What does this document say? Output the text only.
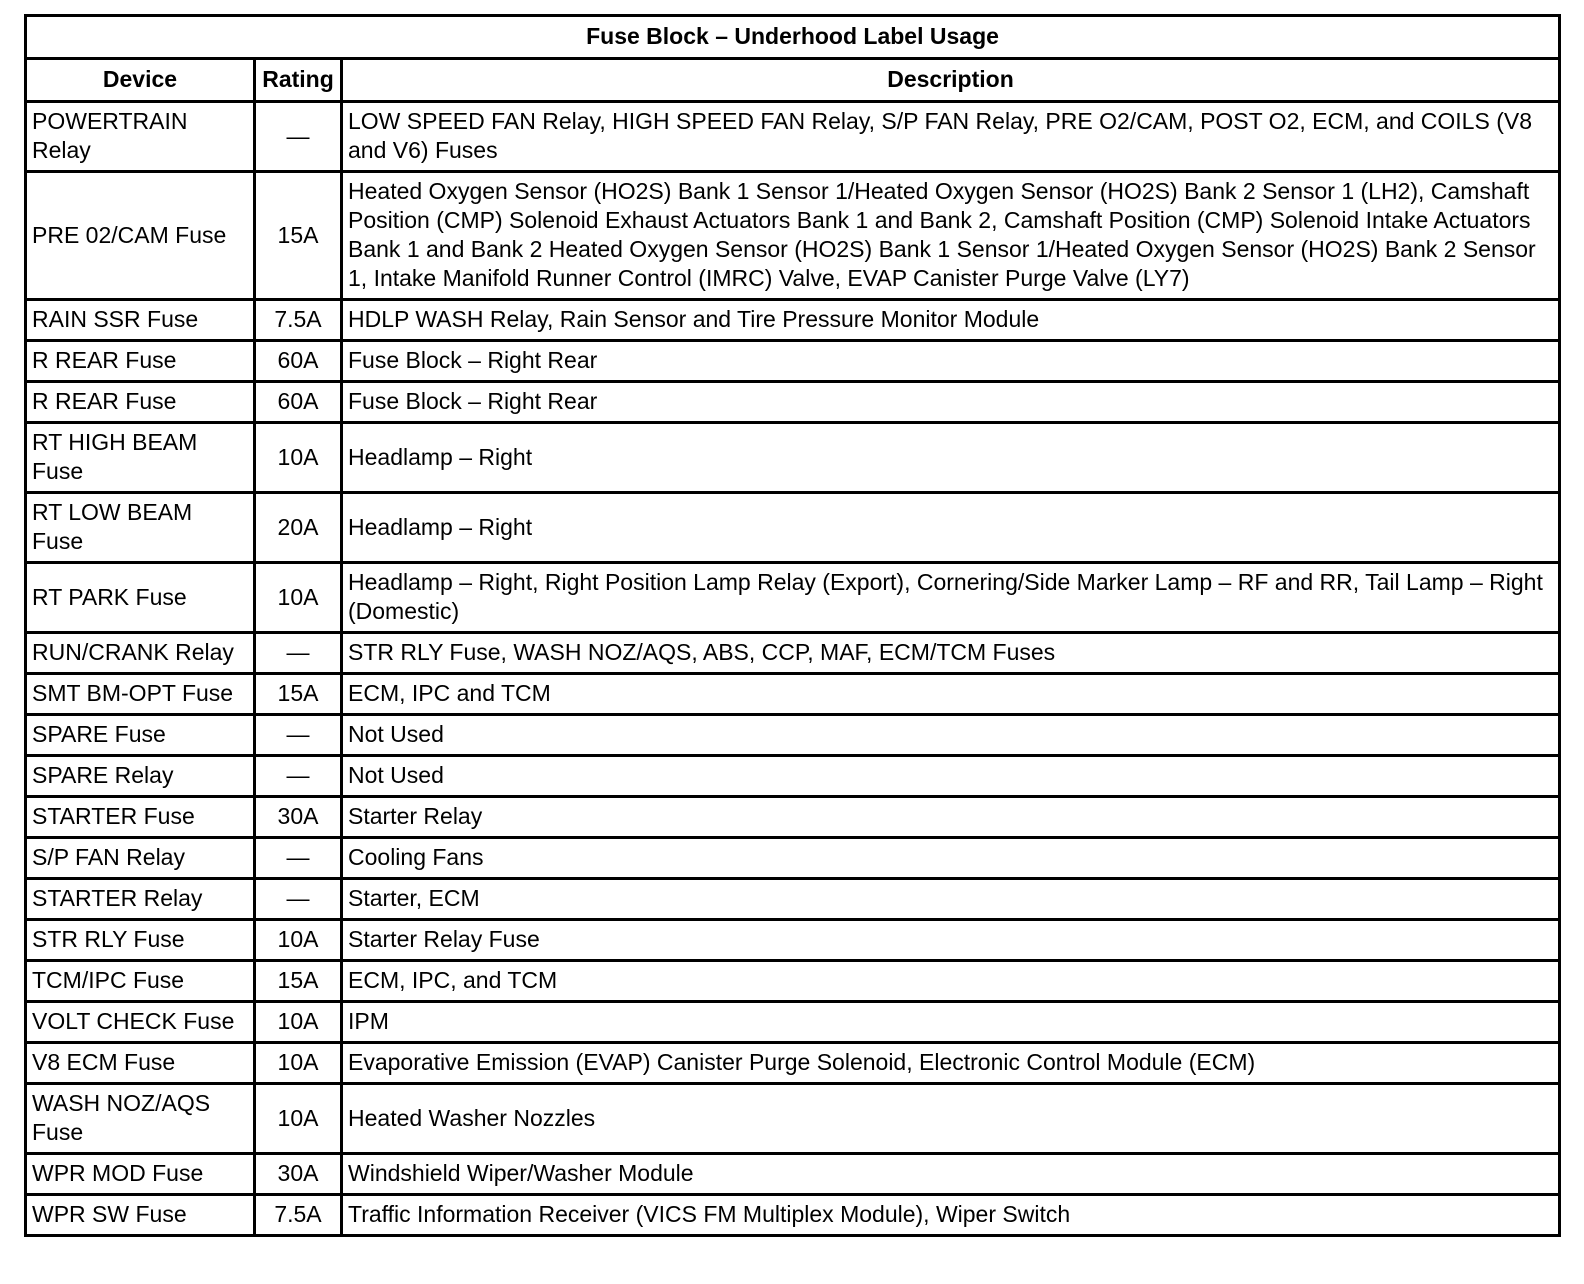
Fuse Block – Underhood Label Usage		
Device	Rating	Description
POWERTRAIN Relay	—	LOW SPEED FAN Relay, HIGH SPEED FAN Relay, S/P FAN Relay, PRE O2/CAM, POST O2, ECM, and COILS (V8 and V6) Fuses
PRE 02/CAM Fuse	15A	Heated Oxygen Sensor (HO2S) Bank 1 Sensor 1/Heated Oxygen Sensor (HO2S) Bank 2 Sensor 1 (LH2), Camshaft Position (CMP) Solenoid Exhaust Actuators Bank 1 and Bank 2, Camshaft Position (CMP) Solenoid Intake Actuators Bank 1 and Bank 2 Heated Oxygen Sensor (HO2S) Bank 1 Sensor 1/Heated Oxygen Sensor (HO2S) Bank 2 Sensor 1, Intake Manifold Runner Control (IMRC) Valve, EVAP Canister Purge Valve (LY7)
RAIN SSR Fuse	7.5A	HDLP WASH Relay, Rain Sensor and Tire Pressure Monitor Module
R REAR Fuse	60A	Fuse Block – Right Rear
R REAR Fuse	60A	Fuse Block – Right Rear
RT HIGH BEAM Fuse	10A	Headlamp – Right
RT LOW BEAM Fuse	20A	Headlamp – Right
RT PARK Fuse	10A	Headlamp – Right, Right Position Lamp Relay (Export), Cornering/Side Marker Lamp – RF and RR, Tail Lamp – Right (Domestic)
RUN/CRANK Relay	—	STR RLY Fuse, WASH NOZ/AQS, ABS, CCP, MAF, ECM/TCM Fuses
SMT BM-OPT Fuse	15A	ECM, IPC and TCM
SPARE Fuse	—	Not Used
SPARE Relay	—	Not Used
STARTER Fuse	30A	Starter Relay
S/P FAN Relay	—	Cooling Fans
STARTER Relay	—	Starter, ECM
STR RLY Fuse	10A	Starter Relay Fuse
TCM/IPC Fuse	15A	ECM, IPC, and TCM
VOLT CHECK Fuse	10A	IPM
V8 ECM Fuse	10A	Evaporative Emission (EVAP) Canister Purge Solenoid, Electronic Control Module (ECM)
WASH NOZ/AQS Fuse	10A	Heated Washer Nozzles
WPR MOD Fuse	30A	Windshield Wiper/Washer Module
WPR SW Fuse	7.5A	Traffic Information Receiver (VICS FM Multiplex Module), Wiper Switch
